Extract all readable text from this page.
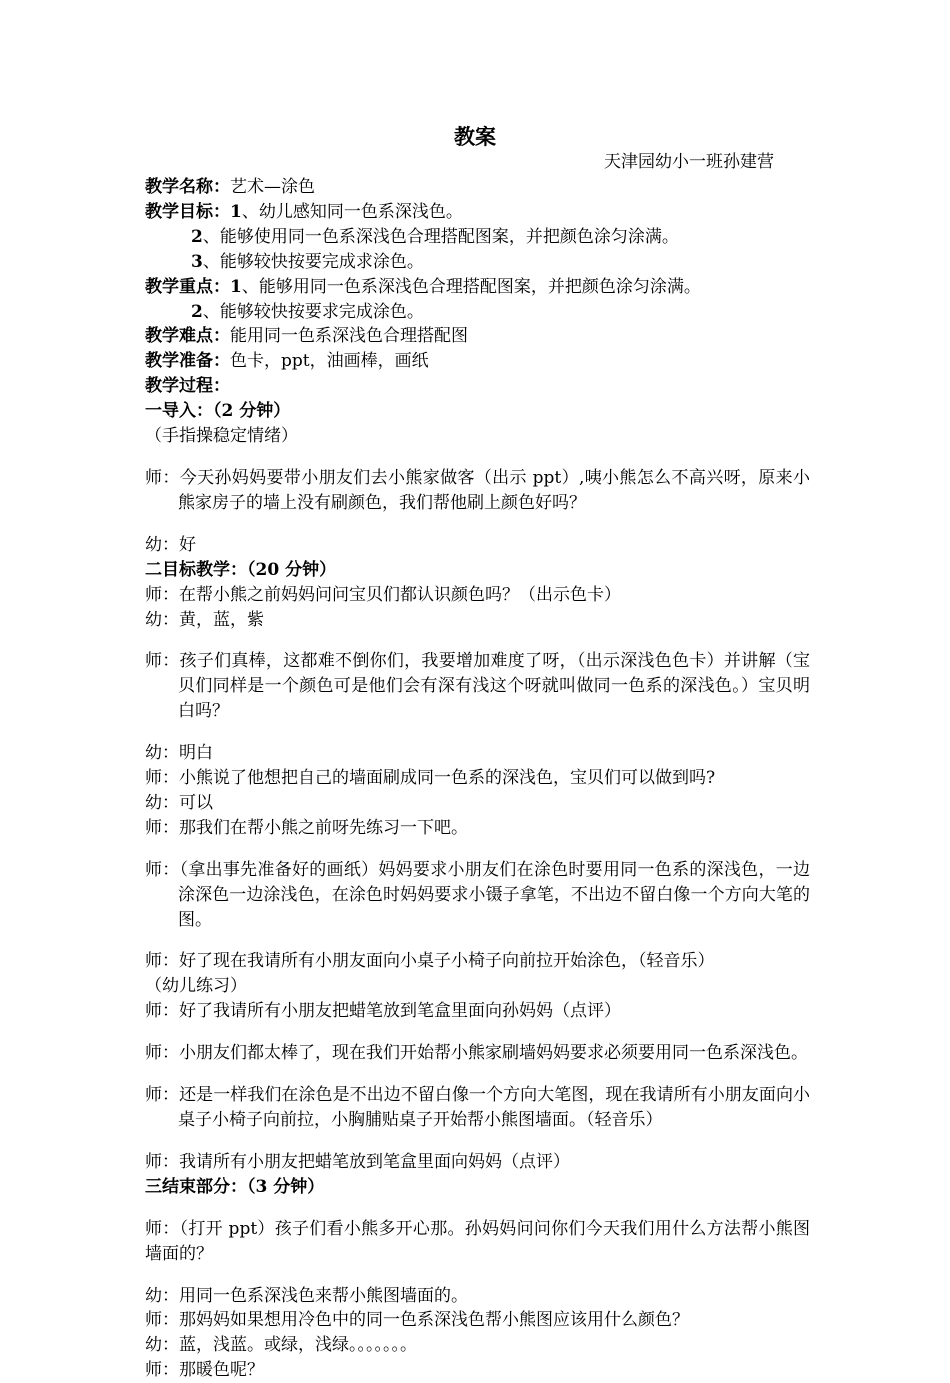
教案
天津园幼小一班孙建营

教学名称：艺术—涂色

教学目标：1、幼儿感知同一色系深浅色。

2、能够使用同一色系深浅色合理搭配图案，并把颜色涂匀涂满。

3、能够较快按要完成求涂色。

教学重点：1、能够用同一色系深浅色合理搭配图案，并把颜色涂匀涂满。

2、能够较快按要求完成涂色。

教学难点：能用同一色系深浅色合理搭配图

教学准备：色卡，ppt，油画棒，画纸

教学过程：

一导入：（2 分钟）

（手指操稳定情绪）

师：今天孙妈妈要带小朋友们去小熊家做客（出示 ppt）,咦小熊怎么不高兴呀，原来小熊家房子的墙上没有刷颜色，我们帮他刷上颜色好吗？

幼：好

二目标教学：（20 分钟）

师：在帮小熊之前妈妈问问宝贝们都认识颜色吗？（出示色卡）

幼：黄，蓝，紫

师：孩子们真棒，这都难不倒你们，我要增加难度了呀，（出示深浅色色卡）并讲解（宝贝们同样是一个颜色可是他们会有深有浅这个呀就叫做同一色系的深浅色。）宝贝明白吗？

幼：明白

师：小熊说了他想把自己的墙面刷成同一色系的深浅色，宝贝们可以做到吗?

幼：可以

师：那我们在帮小熊之前呀先练习一下吧。

师：（拿出事先准备好的画纸）妈妈要求小朋友们在涂色时要用同一色系的深浅色，一边涂深色一边涂浅色，在涂色时妈妈要求小镊子拿笔，不出边不留白像一个方向大笔的图。

师：好了现在我请所有小朋友面向小桌子小椅子向前拉开始涂色，（轻音乐）

（幼儿练习）

师：好了我请所有小朋友把蜡笔放到笔盒里面向孙妈妈（点评）

师：小朋友们都太棒了，现在我们开始帮小熊家刷墙妈妈要求必须要用同一色系深浅色。

师：还是一样我们在涂色是不出边不留白像一个方向大笔图，现在我请所有小朋友面向小桌子小椅子向前拉，小胸脯贴桌子开始帮小熊图墙面。（轻音乐）

师：我请所有小朋友把蜡笔放到笔盒里面向妈妈（点评）

三结束部分：（3 分钟）

师：（打开 ppt）孩子们看小熊多开心那。孙妈妈问问你们今天我们用什么方法帮小熊图墙面的？

幼：用同一色系深浅色来帮小熊图墙面的。

师：那妈妈如果想用冷色中的同一色系深浅色帮小熊图应该用什么颜色？

幼：蓝，浅蓝。或绿，浅绿。。。。。。。

师：那暖色呢？
